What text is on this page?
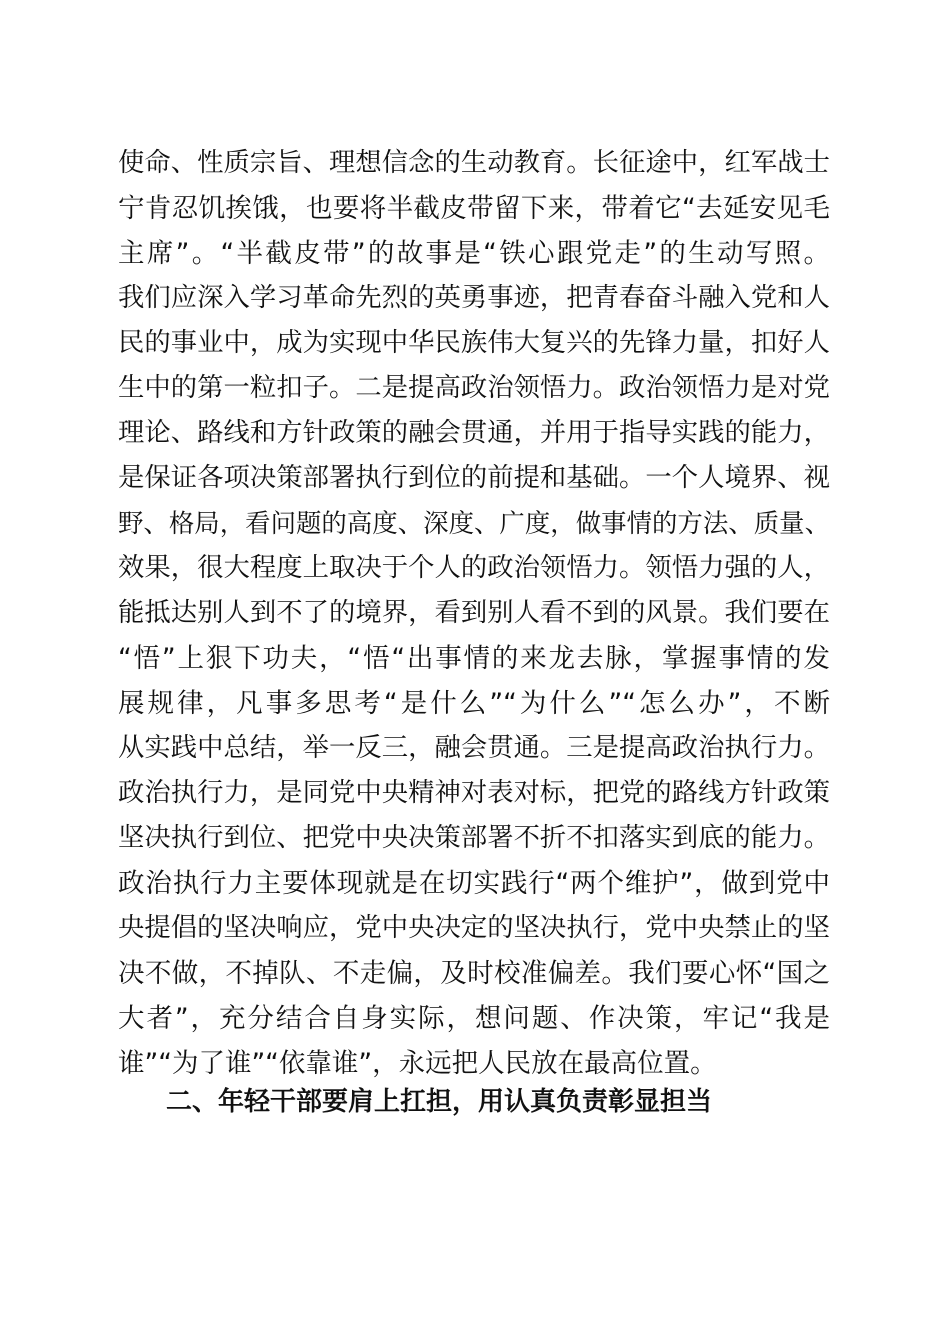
使命、性质宗旨、理想信念的生动教育。长征途中，红军战士
宁肯忍饥挨饿，也要将半截皮带留下来，带着它“去延安见毛
主席”。“半截皮带”的故事是“铁心跟党走”的生动写照。
我们应深入学习革命先烈的英勇事迹，把青春奋斗融入党和人
民的事业中，成为实现中华民族伟大复兴的先锋力量，扣好人
生中的第一粒扣子。二是提高政治领悟力。政治领悟力是对党
理论、路线和方针政策的融会贯通，并用于指导实践的能力，
是保证各项决策部署执行到位的前提和基础。一个人境界、视
野、格局，看问题的高度、深度、广度，做事情的方法、质量、
效果，很大程度上取决于个人的政治领悟力。领悟力强的人，
能抵达别人到不了的境界，看到别人看不到的风景。我们要在
“悟”上狠下功夫，“悟“出事情的来龙去脉，掌握事情的发
展规律，凡事多思考“是什么”“为什么”“怎么办”，不断
从实践中总结，举一反三，融会贯通。三是提高政治执行力。
政治执行力，是同党中央精神对表对标，把党的路线方针政策
坚决执行到位、把党中央决策部署不折不扣落实到底的能力。
政治执行力主要体现就是在切实践行“两个维护”，做到党中
央提倡的坚决响应，党中央决定的坚决执行，党中央禁止的坚
决不做，不掉队、不走偏，及时校准偏差。我们要心怀“国之
大者”，充分结合自身实际，想问题、作决策，牢记“我是
谁”“为了谁”“依靠谁”，永远把人民放在最高位置。
二、年轻干部要肩上扛担，用认真负责彰显担当
